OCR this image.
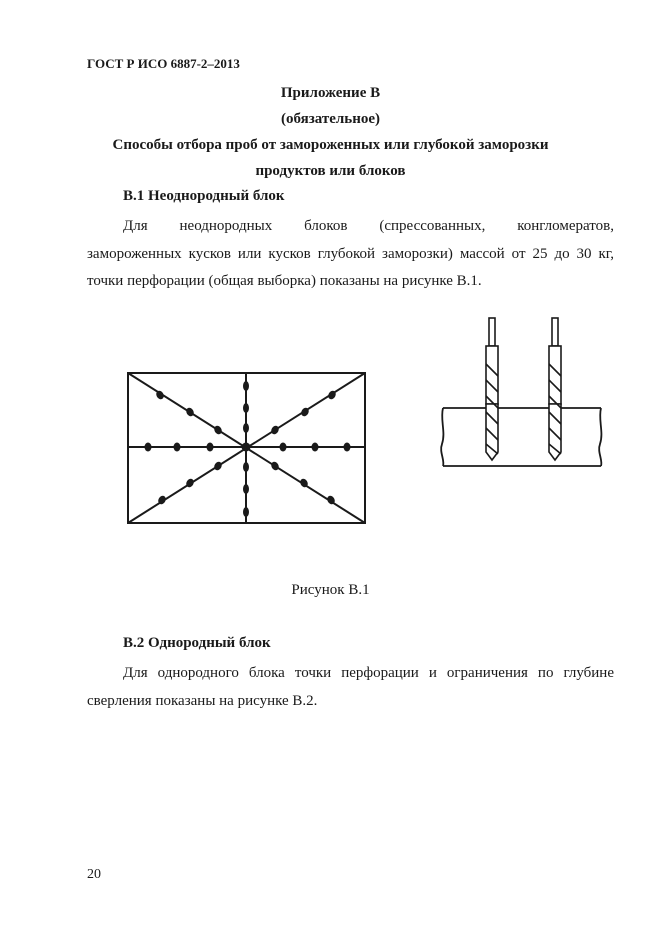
ГОСТ Р ИСО 6887-2–2013
Приложение В
(обязательное)
Способы отбора проб от замороженных или глубокой заморозки
продуктов или блоков
В.1 Неоднородный блок
Для неоднородных блоков (спрессованных, конгломератов,
замороженных кусков или кусков глубокой заморозки) массой от 25 до 30 кг,
точки перфорации (общая выборка) показаны на рисунке В.1.
Рисунок В.1
В.2 Однородный блок
Для однородного блока точки перфорации и ограничения по глубине
сверления показаны на рисунке В.2.
20
